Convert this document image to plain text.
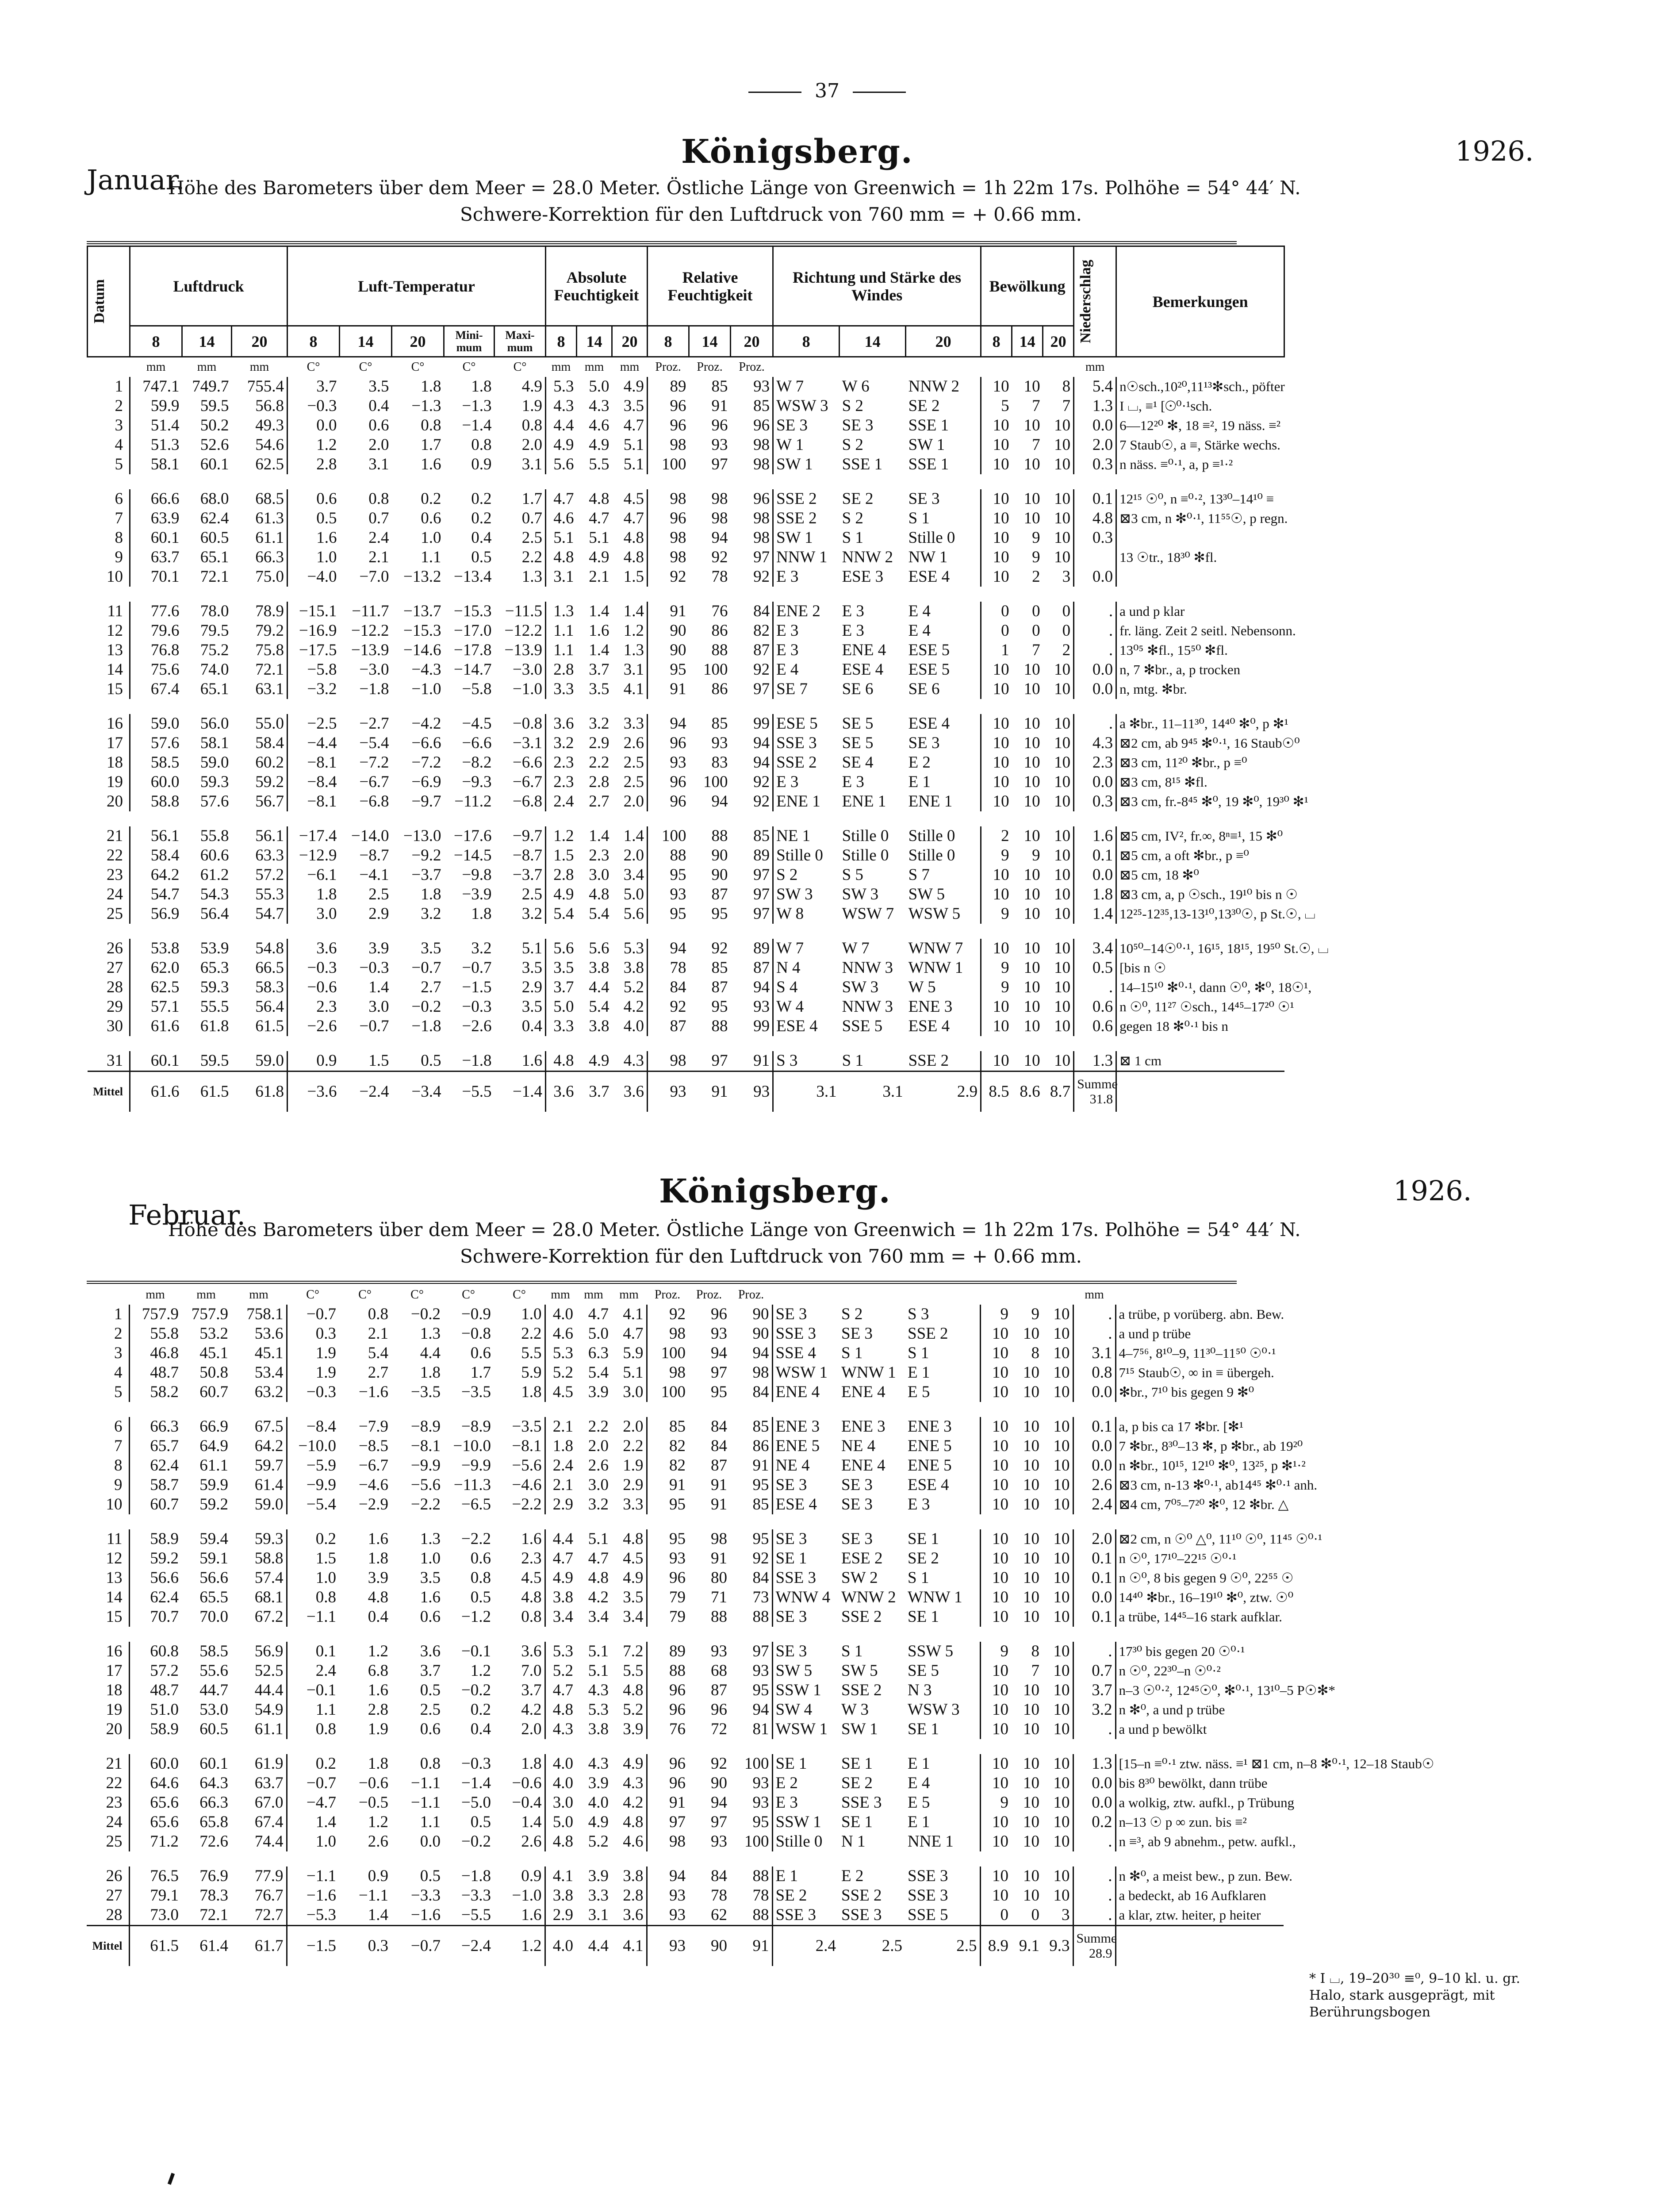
37
Januar.
Königsberg.	1926.
Höhe des Barometers über dem Meer = 28.0 Meter. Östliche Länge von Greenwich = 1h 22m 17s. Polhöhe = 54° 44′ N.
Schwere-Korrektion für den Luftdruck von 760 mm = + 0.66 mm.
Datum	Luftdruck			Luft-Temperatur					Absolute Feuchtigkeit			Relative Feuchtigkeit			Richtung und Stärke des Windes			Bewölkung			Niederschlag	Bemerkungen
	8	14	20	8	14	20	Mini-mum	Maxi-mum	8	14	20	8	14	20	8	14	20	8	14	20		
	mm	mm	mm	C°	C°	C°	C°	C°	mm	mm	mm	Proz.	Proz.	Proz.							mm	
1	747.1	749.7	755.4	3.7	3.5	1.8	1.8	4.9	5.3	5.0	4.9	89	85	93	W 7	W 6	NNW 2	10	10	8	5.4	n☉sch.,10²⁰,11¹³✻sch., pöfter
2	59.9	59.5	56.8	−0.3	0.4	−1.3	−1.3	1.9	4.3	4.3	3.5	96	91	85	WSW 3	S 2	SE 2	5	7	7	1.3	I ⌴, ≡¹ [☉⁰·¹sch.
3	51.4	50.2	49.3	0.0	0.6	0.8	−1.4	0.8	4.4	4.6	4.7	96	96	96	SE 3	SE 3	SSE 1	10	10	10	0.0	6—12²⁰ ✻, 18 ≡², 19 näss. ≡²
4	51.3	52.6	54.6	1.2	2.0	1.7	0.8	2.0	4.9	4.9	5.1	98	93	98	W 1	S 2	SW 1	10	7	10	2.0	7 Staub☉, a ≡, Stärke wechs.
5	58.1	60.1	62.5	2.8	3.1	1.6	0.9	3.1	5.6	5.5	5.1	100	97	98	SW 1	SSE 1	SSE 1	10	10	10	0.3	n näss. ≡⁰·¹, a, p ≡¹·²

6	66.6	68.0	68.5	0.6	0.8	0.2	0.2	1.7	4.7	4.8	4.5	98	98	96	SSE 2	SE 2	SE 3	10	10	10	0.1	12¹⁵ ☉⁰, n ≡⁰·², 13³⁰–14¹⁰ ≡
7	63.9	62.4	61.3	0.5	0.7	0.6	0.2	0.7	4.6	4.7	4.7	96	98	98	SSE 2	S 2	S 1	10	10	10	4.8	⊠3 cm, n ✻⁰·¹, 11⁵⁵☉, p regn.
8	60.1	60.5	61.1	1.6	2.4	1.0	0.4	2.5	5.1	5.1	4.8	98	94	98	SW 1	S 1	Stille 0	10	9	10	0.3	
9	63.7	65.1	66.3	1.0	2.1	1.1	0.5	2.2	4.8	4.9	4.8	98	92	97	NNW 1	NNW 2	NW 1	10	9	10		13 ☉tr., 18³⁰ ✻fl.
10	70.1	72.1	75.0	−4.0	−7.0	−13.2	−13.4	1.3	3.1	2.1	1.5	92	78	92	E 3	ESE 3	ESE 4	10	2	3	0.0	

11	77.6	78.0	78.9	−15.1	−11.7	−13.7	−15.3	−11.5	1.3	1.4	1.4	91	76	84	ENE 2	E 3	E 4	0	0	0	.	a und p klar
12	79.6	79.5	79.2	−16.9	−12.2	−15.3	−17.0	−12.2	1.1	1.6	1.2	90	86	82	E 3	E 3	E 4	0	0	0	.	fr. läng. Zeit 2 seitl. Nebensonn.
13	76.8	75.2	75.8	−17.5	−13.9	−14.6	−17.8	−13.9	1.1	1.4	1.3	90	88	87	E 3	ENE 4	ESE 5	1	7	2	.	13⁰⁵ ✻fl., 15⁵⁰ ✻fl.
14	75.6	74.0	72.1	−5.8	−3.0	−4.3	−14.7	−3.0	2.8	3.7	3.1	95	100	92	E 4	ESE 4	ESE 5	10	10	10	0.0	n, 7 ✻br., a, p trocken
15	67.4	65.1	63.1	−3.2	−1.8	−1.0	−5.8	−1.0	3.3	3.5	4.1	91	86	97	SE 7	SE 6	SE 6	10	10	10	0.0	n, mtg. ✻br.

16	59.0	56.0	55.0	−2.5	−2.7	−4.2	−4.5	−0.8	3.6	3.2	3.3	94	85	99	ESE 5	SE 5	ESE 4	10	10	10	.	a ✻br., 11–11³⁰, 14⁴⁰ ✻⁰, p ✻¹
17	57.6	58.1	58.4	−4.4	−5.4	−6.6	−6.6	−3.1	3.2	2.9	2.6	96	93	94	SSE 3	SE 5	SE 3	10	10	10	4.3	⊠2 cm, ab 9⁴⁵ ✻⁰·¹, 16 Staub☉⁰
18	58.5	59.0	60.2	−8.1	−7.2	−7.2	−8.2	−6.6	2.3	2.2	2.5	93	83	94	SSE 2	SE 4	E 2	10	10	10	2.3	⊠3 cm, 11²⁰ ✻br., p ≡⁰
19	60.0	59.3	59.2	−8.4	−6.7	−6.9	−9.3	−6.7	2.3	2.8	2.5	96	100	92	E 3	E 3	E 1	10	10	10	0.0	⊠3 cm, 8¹⁵ ✻fl.
20	58.8	57.6	56.7	−8.1	−6.8	−9.7	−11.2	−6.8	2.4	2.7	2.0	96	94	92	ENE 1	ENE 1	ENE 1	10	10	10	0.3	⊠3 cm, fr.-8⁴⁵ ✻⁰, 19 ✻⁰, 19³⁰ ✻¹

21	56.1	55.8	56.1	−17.4	−14.0	−13.0	−17.6	−9.7	1.2	1.4	1.4	100	88	85	NE 1	Stille 0	Stille 0	2	10	10	1.6	⊠5 cm, IV², fr.∞, 8ⁿ≡¹, 15 ✻⁰
22	58.4	60.6	63.3	−12.9	−8.7	−9.2	−14.5	−8.7	1.5	2.3	2.0	88	90	89	Stille 0	Stille 0	Stille 0	9	9	10	0.1	⊠5 cm, a oft ✻br., p ≡⁰
23	64.2	61.2	57.2	−6.1	−4.1	−3.7	−9.8	−3.7	2.8	3.0	3.4	95	90	97	S 2	S 5	S 7	10	10	10	0.0	⊠5 cm, 18 ✻⁰
24	54.7	54.3	55.3	1.8	2.5	1.8	−3.9	2.5	4.9	4.8	5.0	93	87	97	SW 3	SW 3	SW 5	10	10	10	1.8	⊠3 cm, a, p ☉sch., 19¹⁰ bis n ☉
25	56.9	56.4	54.7	3.0	2.9	3.2	1.8	3.2	5.4	5.4	5.6	95	95	97	W 8	WSW 7	WSW 5	9	10	10	1.4	12²⁵-12³⁵,13-13¹⁰,13³⁰☉, p St.☉, ⌴

26	53.8	53.9	54.8	3.6	3.9	3.5	3.2	5.1	5.6	5.6	5.3	94	92	89	W 7	W 7	WNW 7	10	10	10	3.4	10⁵⁰–14☉⁰·¹, 16¹⁵, 18¹⁵, 19⁵⁰ St.☉, ⌴
27	62.0	65.3	66.5	−0.3	−0.3	−0.7	−0.7	3.5	3.5	3.8	3.8	78	85	87	N 4	NNW 3	WNW 1	9	10	10	0.5	[bis n ☉
28	62.5	59.3	58.3	−0.6	1.4	2.7	−1.5	2.9	3.7	4.4	5.2	84	87	94	S 4	SW 3	W 5	9	10	10	.	14–15¹⁰ ✻⁰·¹, dann ☉⁰, ✻⁰, 18☉¹,
29	57.1	55.5	56.4	2.3	3.0	−0.2	−0.3	3.5	5.0	5.4	4.2	92	95	93	W 4	NNW 3	ENE 3	10	10	10	0.6	n ☉⁰, 11²⁷ ☉sch., 14⁴⁵–17²⁰ ☉¹
30	61.6	61.8	61.5	−2.6	−0.7	−1.8	−2.6	0.4	3.3	3.8	4.0	87	88	99	ESE 4	SSE 5	ESE 4	10	10	10	0.6	gegen 18 ✻⁰·¹ bis n

31	60.1	59.5	59.0	0.9	1.5	0.5	−1.8	1.6	4.8	4.9	4.3	98	97	91	S 3	S 1	SSE 2	10	10	10	1.3	⊠ 1 cm
Mittel	61.6	61.5	61.8	−3.6	−2.4	−3.4	−5.5	−1.4	3.6	3.7	3.6	93	91	93	3.1	3.1	2.9	8.5	8.6	8.7	Summe 31.8	
Februar.
Königsberg.	1926.
Höhe des Barometers über dem Meer = 28.0 Meter. Östliche Länge von Greenwich = 1h 22m 17s. Polhöhe = 54° 44′ N.
Schwere-Korrektion für den Luftdruck von 760 mm = + 0.66 mm.
	mm	mm	mm	C°	C°	C°	C°	C°	mm	mm	mm	Proz.	Proz.	Proz.							mm	
1	757.9	757.9	758.1	−0.7	0.8	−0.2	−0.9	1.0	4.0	4.7	4.1	92	96	90	SE 3	S 2	S 3	9	9	10	.	a trübe, p vorüberg. abn. Bew.
2	55.8	53.2	53.6	0.3	2.1	1.3	−0.8	2.2	4.6	5.0	4.7	98	93	90	SSE 3	SE 3	SSE 2	10	10	10	.	a und p trübe
3	46.8	45.1	45.1	1.9	5.4	4.4	0.6	5.5	5.3	6.3	5.9	100	94	94	SSE 4	S 1	S 1	10	8	10	3.1	4–7⁵⁶, 8¹⁰–9, 11³⁰–11⁵⁰ ☉⁰·¹
4	48.7	50.8	53.4	1.9	2.7	1.8	1.7	5.9	5.2	5.4	5.1	98	97	98	WSW 1	WNW 1	E 1	10	10	10	0.8	7¹⁵ Staub☉, ∞ in ≡ übergeh.
5	58.2	60.7	63.2	−0.3	−1.6	−3.5	−3.5	1.8	4.5	3.9	3.0	100	95	84	ENE 4	ENE 4	E 5	10	10	10	0.0	✻br., 7¹⁰ bis gegen 9 ✻⁰

6	66.3	66.9	67.5	−8.4	−7.9	−8.9	−8.9	−3.5	2.1	2.2	2.0	85	84	85	ENE 3	ENE 3	ENE 3	10	10	10	0.1	a, p bis ca 17 ✻br. [✻¹
7	65.7	64.9	64.2	−10.0	−8.5	−8.1	−10.0	−8.1	1.8	2.0	2.2	82	84	86	ENE 5	NE 4	ENE 5	10	10	10	0.0	7 ✻br., 8³⁰–13 ✻, p ✻br., ab 19²⁰
8	62.4	61.1	59.7	−5.9	−6.7	−9.9	−9.9	−5.6	2.4	2.6	1.9	82	87	91	NE 4	ENE 4	ENE 5	10	10	10	0.0	n ✻br., 10¹⁵, 12¹⁰ ✻⁰, 13²⁵, p ✻¹·²
9	58.7	59.9	61.4	−9.9	−4.6	−5.6	−11.3	−4.6	2.1	3.0	2.9	91	91	95	SE 3	SE 3	ESE 4	10	10	10	2.6	⊠3 cm, n-13 ✻⁰·¹, ab14⁴⁵ ✻⁰·¹ anh.
10	60.7	59.2	59.0	−5.4	−2.9	−2.2	−6.5	−2.2	2.9	3.2	3.3	95	91	85	ESE 4	SE 3	E 3	10	10	10	2.4	⊠4 cm, 7⁰⁵–7²⁰ ✻⁰, 12 ✻br. △

11	58.9	59.4	59.3	0.2	1.6	1.3	−2.2	1.6	4.4	5.1	4.8	95	98	95	SE 3	SE 3	SE 1	10	10	10	2.0	⊠2 cm, n ☉⁰ △⁰, 11¹⁰ ☉⁰, 11⁴⁵ ☉⁰·¹
12	59.2	59.1	58.8	1.5	1.8	1.0	0.6	2.3	4.7	4.7	4.5	93	91	92	SE 1	ESE 2	SE 2	10	10	10	0.1	n ☉⁰, 17¹⁰–22¹⁵ ☉⁰·¹
13	56.6	56.6	57.4	1.0	3.9	3.5	0.8	4.5	4.9	4.8	4.9	96	80	84	SSE 3	SW 2	S 1	10	10	10	0.1	n ☉⁰, 8 bis gegen 9 ☉⁰, 22⁵⁵ ☉
14	62.4	65.5	68.1	0.8	4.8	1.6	0.5	4.8	3.8	4.2	3.5	79	71	73	WNW 4	WNW 2	WNW 1	10	10	10	0.0	14⁴⁰ ✻br., 16–19¹⁰ ✻⁰, ztw. ☉⁰
15	70.7	70.0	67.2	−1.1	0.4	0.6	−1.2	0.8	3.4	3.4	3.4	79	88	88	SE 3	SSE 2	SE 1	10	10	10	0.1	a trübe, 14⁴⁵–16 stark aufklar.

16	60.8	58.5	56.9	0.1	1.2	3.6	−0.1	3.6	5.3	5.1	7.2	89	93	97	SE 3	S 1	SSW 5	9	8	10	.	17³⁰ bis gegen 20 ☉⁰·¹
17	57.2	55.6	52.5	2.4	6.8	3.7	1.2	7.0	5.2	5.1	5.5	88	68	93	SW 5	SW 5	SE 5	10	7	10	0.7	n ☉⁰, 22³⁰–n ☉⁰·²
18	48.7	44.7	44.4	−0.1	1.6	0.5	−0.2	3.7	4.7	4.3	4.8	96	87	95	SSW 1	SSE 2	N 3	10	10	10	3.7	n–3 ☉⁰·², 12⁴⁵☉⁰, ✻⁰·¹, 13¹⁰–5 P☉✻*
19	51.0	53.0	54.9	1.1	2.8	2.5	0.2	4.2	4.8	5.3	5.2	96	96	94	SW 4	W 3	WSW 3	10	10	10	3.2	n ✻⁰, a und p trübe
20	58.9	60.5	61.1	0.8	1.9	0.6	0.4	2.0	4.3	3.8	3.9	76	72	81	WSW 1	SW 1	SE 1	10	10	10	.	a und p bewölkt

21	60.0	60.1	61.9	0.2	1.8	0.8	−0.3	1.8	4.0	4.3	4.9	96	92	100	SE 1	SE 1	E 1	10	10	10	1.3	[15–n ≡⁰·¹ ztw. näss. ≡¹ ⊠1 cm, n–8 ✻⁰·¹, 12–18 Staub☉
22	64.6	64.3	63.7	−0.7	−0.6	−1.1	−1.4	−0.6	4.0	3.9	4.3	96	90	93	E 2	SE 2	E 4	10	10	10	0.0	bis 8³⁰ bewölkt, dann trübe
23	65.6	66.3	67.0	−4.7	−0.5	−1.1	−5.0	−0.4	3.0	4.0	4.2	91	94	93	E 3	SSE 3	E 5	9	10	10	0.0	a wolkig, ztw. aufkl., p Trübung
24	65.6	65.8	67.4	1.4	1.2	1.1	0.5	1.4	5.0	4.9	4.8	97	97	95	SSW 1	SE 1	E 1	10	10	10	0.2	n–13 ☉ p ∞ zun. bis ≡²
25	71.2	72.6	74.4	1.0	2.6	0.0	−0.2	2.6	4.8	5.2	4.6	98	93	100	Stille 0	N 1	NNE 1	10	10	10	.	n ≡³, ab 9 abnehm., petw. aufkl.,

26	76.5	76.9	77.9	−1.1	0.9	0.5	−1.8	0.9	4.1	3.9	3.8	94	84	88	E 1	E 2	SSE 3	10	10	10	.	n ✻⁰, a meist bew., p zun. Bew.
27	79.1	78.3	76.7	−1.6	−1.1	−3.3	−3.3	−1.0	3.8	3.3	2.8	93	78	78	SE 2	SSE 2	SSE 3	10	10	10	.	a bedeckt, ab 16 Aufklaren
28	73.0	72.1	72.7	−5.3	1.4	−1.6	−5.5	1.6	2.9	3.1	3.6	93	62	88	SSE 3	SSE 3	SSE 5	0	0	3	.	a klar, ztw. heiter, p heiter
Mittel	61.5	61.4	61.7	−1.5	0.3	−0.7	−2.4	1.2	4.0	4.4	4.1	93	90	91	2.4	2.5	2.5	8.9	9.1	9.3	Summe 28.9	
* I ⌴, 19–20³⁰ ≡⁰, 9–10 kl. u. gr. Halo, stark ausgeprägt, mit Berührungsbogen
